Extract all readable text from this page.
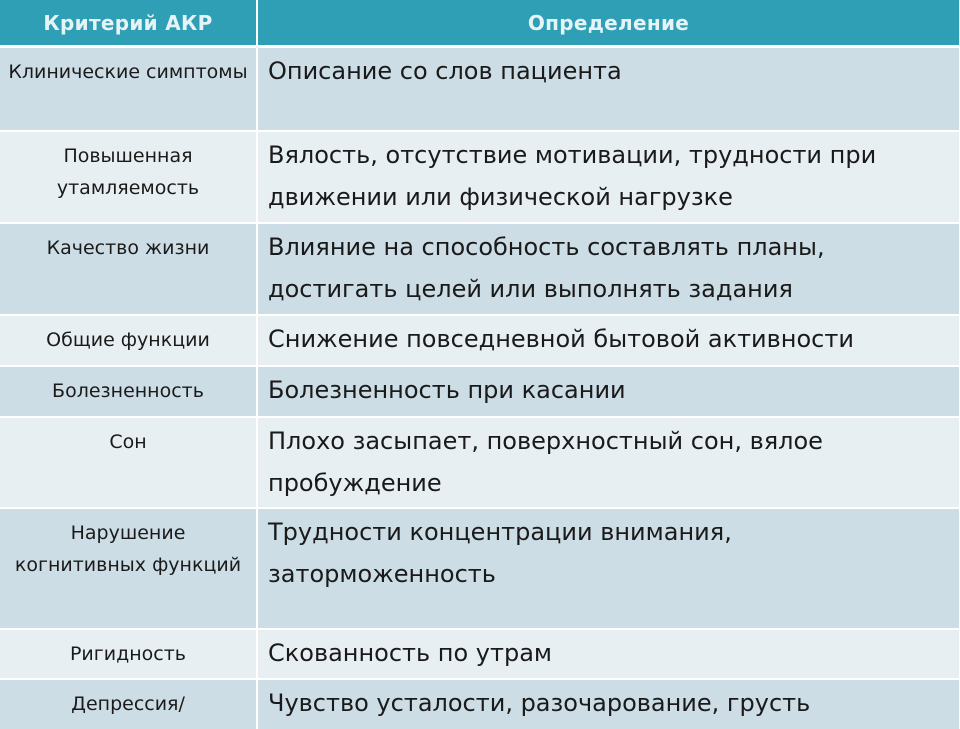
Критерий АКР	Определение
Клинические симптомы	Описание со слов пациента
Повышенная утамляемость	Вялость, отсутствие мотивации, трудности при движении или физической нагрузке
Качество жизни	Влияние на способность составлять планы, достигать целей или выполнять задания
Общие функции	Снижение повседневной бытовой активности
Болезненность	Болезненность при касании
Сон	Плохо засыпает, поверхностный сон, вялое пробуждение
Нарушение когнитивных функций	Трудности концентрации внимания, заторможенность
Ригидность	Скованность по утрам
Депрессия/	Чувство усталости, разочарование, грусть
